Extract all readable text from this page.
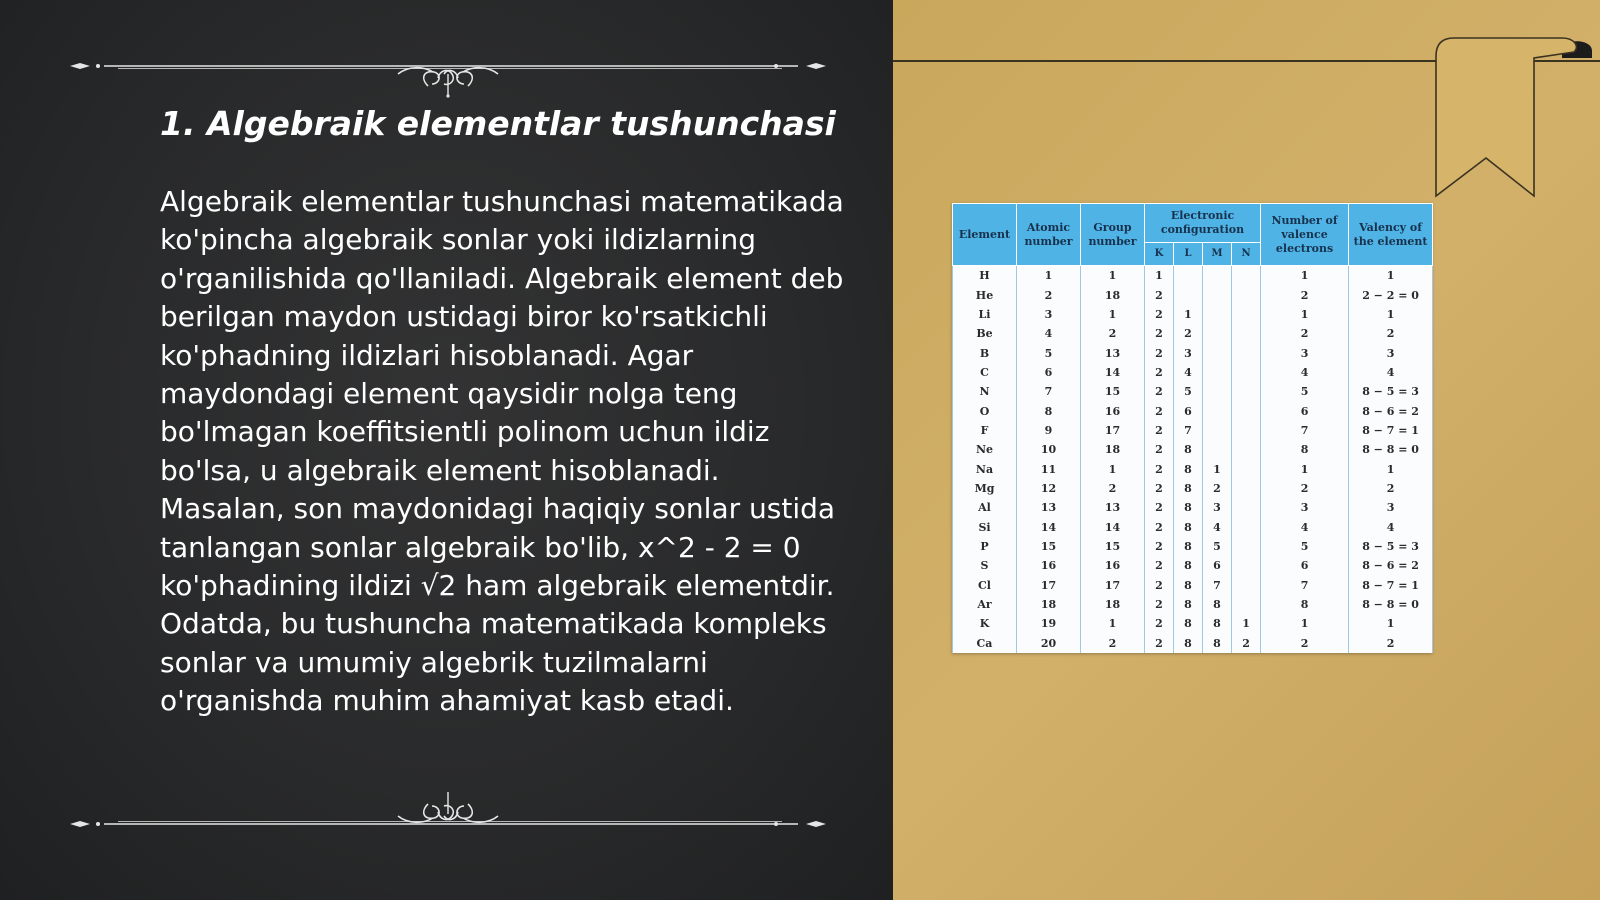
1. Algebraik elementlar tushunchasi

Algebraik elementlar tushunchasi matematikada ko'pincha algebraik sonlar yoki ildizlarning o'rganilishida qo'llaniladi. Algebraik element deb berilgan maydon ustidagi biror ko'rsatkichli ko'phadning ildizlari hisoblanadi. Agar maydondagi element qaysidir nolga teng bo'lmagan koeffitsientli polinom uchun ildiz bo'lsa, u algebraik element hisoblanadi. Masalan, son maydonidagi haqiqiy sonlar ustida tanlangan sonlar algebraik bo'lib, x^2 - 2 = 0 ko'phadining ildizi √2 ham algebraik elementdir. Odatda, bu tushuncha matematikada kompleks sonlar va umumiy algebrik tuzilmalarni o'rganishda muhim ahamiyat kasb etadi.

Element	Atomic number	Group number	Electronic configuration				Number of valence electrons	Valency of the element
			K	L	M	N		
H	1	1	1				1	1
He	2	18	2				2	2 − 2 = 0
Li	3	1	2	1			1	1
Be	4	2	2	2			2	2
B	5	13	2	3			3	3
C	6	14	2	4			4	4
N	7	15	2	5			5	8 − 5 = 3
O	8	16	2	6			6	8 − 6 = 2
F	9	17	2	7			7	8 − 7 = 1
Ne	10	18	2	8			8	8 − 8 = 0
Na	11	1	2	8	1		1	1
Mg	12	2	2	8	2		2	2
Al	13	13	2	8	3		3	3
Si	14	14	2	8	4		4	4
P	15	15	2	8	5		5	8 − 5 = 3
S	16	16	2	8	6		6	8 − 6 = 2
Cl	17	17	2	8	7		7	8 − 7 = 1
Ar	18	18	2	8	8		8	8 − 8 = 0
K	19	1	2	8	8	1	1	1
Ca	20	2	2	8	8	2	2	2
